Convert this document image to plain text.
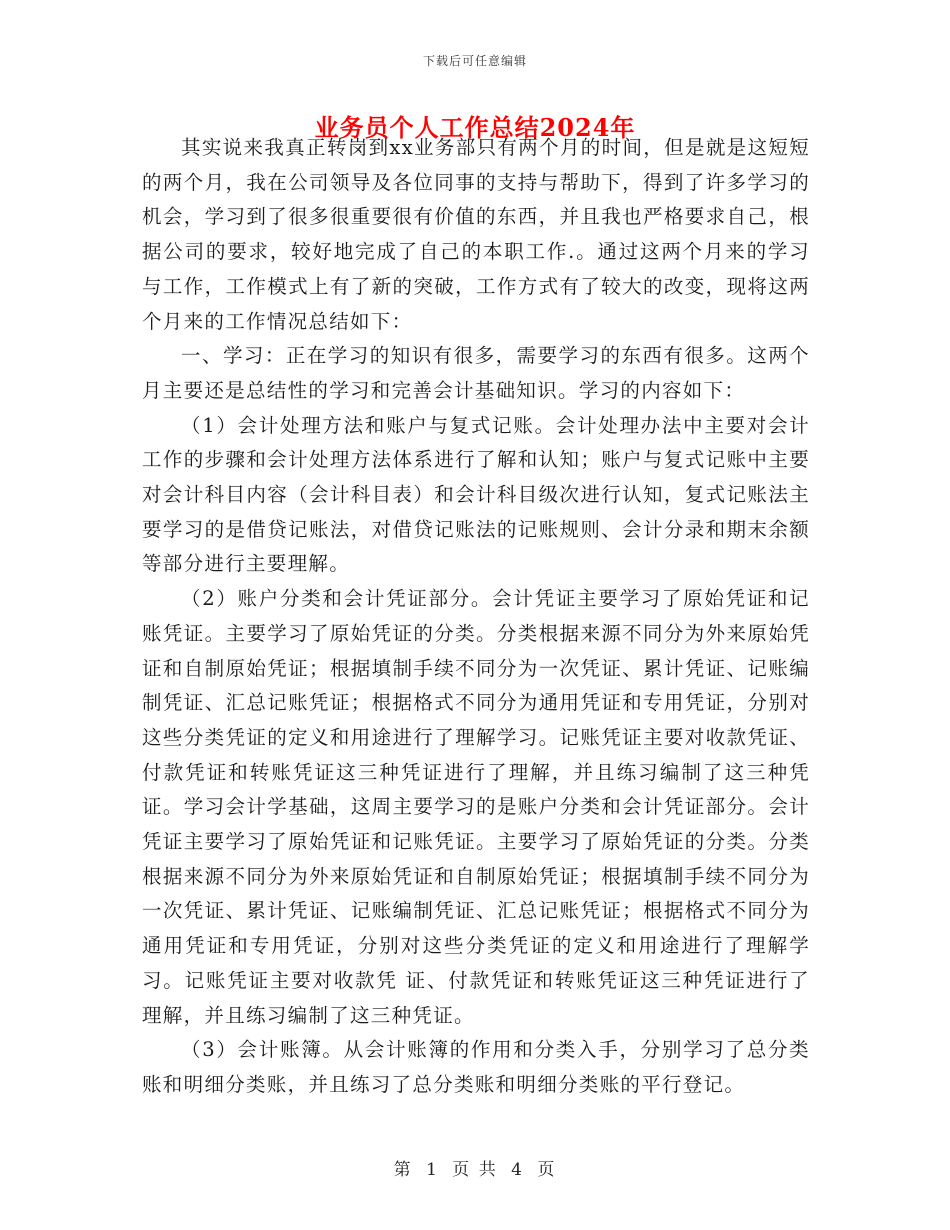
下载后可任意编辑
业务员个人工作总结2024年

其实说来我真正转岗到xx业务部只有两个月的时间，但是就是这短短的两个月，我在公司领导及各位同事的支持与帮助下，得到了许多学习的机会，学习到了很多很重要很有价值的东西，并且我也严格要求自己，根据公司的要求，较好地完成了自己的本职工作.。通过这两个月来的学习与工作，工作模式上有了新的突破，工作方式有了较大的改变，现将这两个月来的工作情况总结如下：

一、学习：正在学习的知识有很多，需要学习的东西有很多。这两个月主要还是总结性的学习和完善会计基础知识。学习的内容如下：

（1）会计处理方法和账户与复式记账。会计处理办法中主要对会计工作的步骤和会计处理方法体系进行了解和认知；账户与复式记账中主要对会计科目内容（会计科目表）和会计科目级次进行认知，复式记账法主要学习的是借贷记账法，对借贷记账法的记账规则、会计分录和期末余额等部分进行主要理解。

（2）账户分类和会计凭证部分。会计凭证主要学习了原始凭证和记账凭证。主要学习了原始凭证的分类。分类根据来源不同分为外来原始凭证和自制原始凭证；根据填制手续不同分为一次凭证、累计凭证、记账编制凭证、汇总记账凭证；根据格式不同分为通用凭证和专用凭证，分别对这些分类凭证的定义和用途进行了理解学习。记账凭证主要对收款凭证、付款凭证和转账凭证这三种凭证进行了理解，并且练习编制了这三种凭证。学习会计学基础，这周主要学习的是账户分类和会计凭证部分。会计凭证主要学习了原始凭证和记账凭证。主要学习了原始凭证的分类。分类根据来源不同分为外来原始凭证和自制原始凭证；根据填制手续不同分为一次凭证、累计凭证、记账编制凭证、汇总记账凭证；根据格式不同分为通用凭证和专用凭证，分别对这些分类凭证的定义和用途进行了理解学习。记账凭证主要对收款凭 证、付款凭证和转账凭证这三种凭证进行了理解，并且练习编制了这三种凭证。

（3）会计账簿。从会计账簿的作用和分类入手，分别学习了总分类账和明细分类账，并且练习了总分类账和明细分类账的平行登记。

第 1 页 共 4 页
